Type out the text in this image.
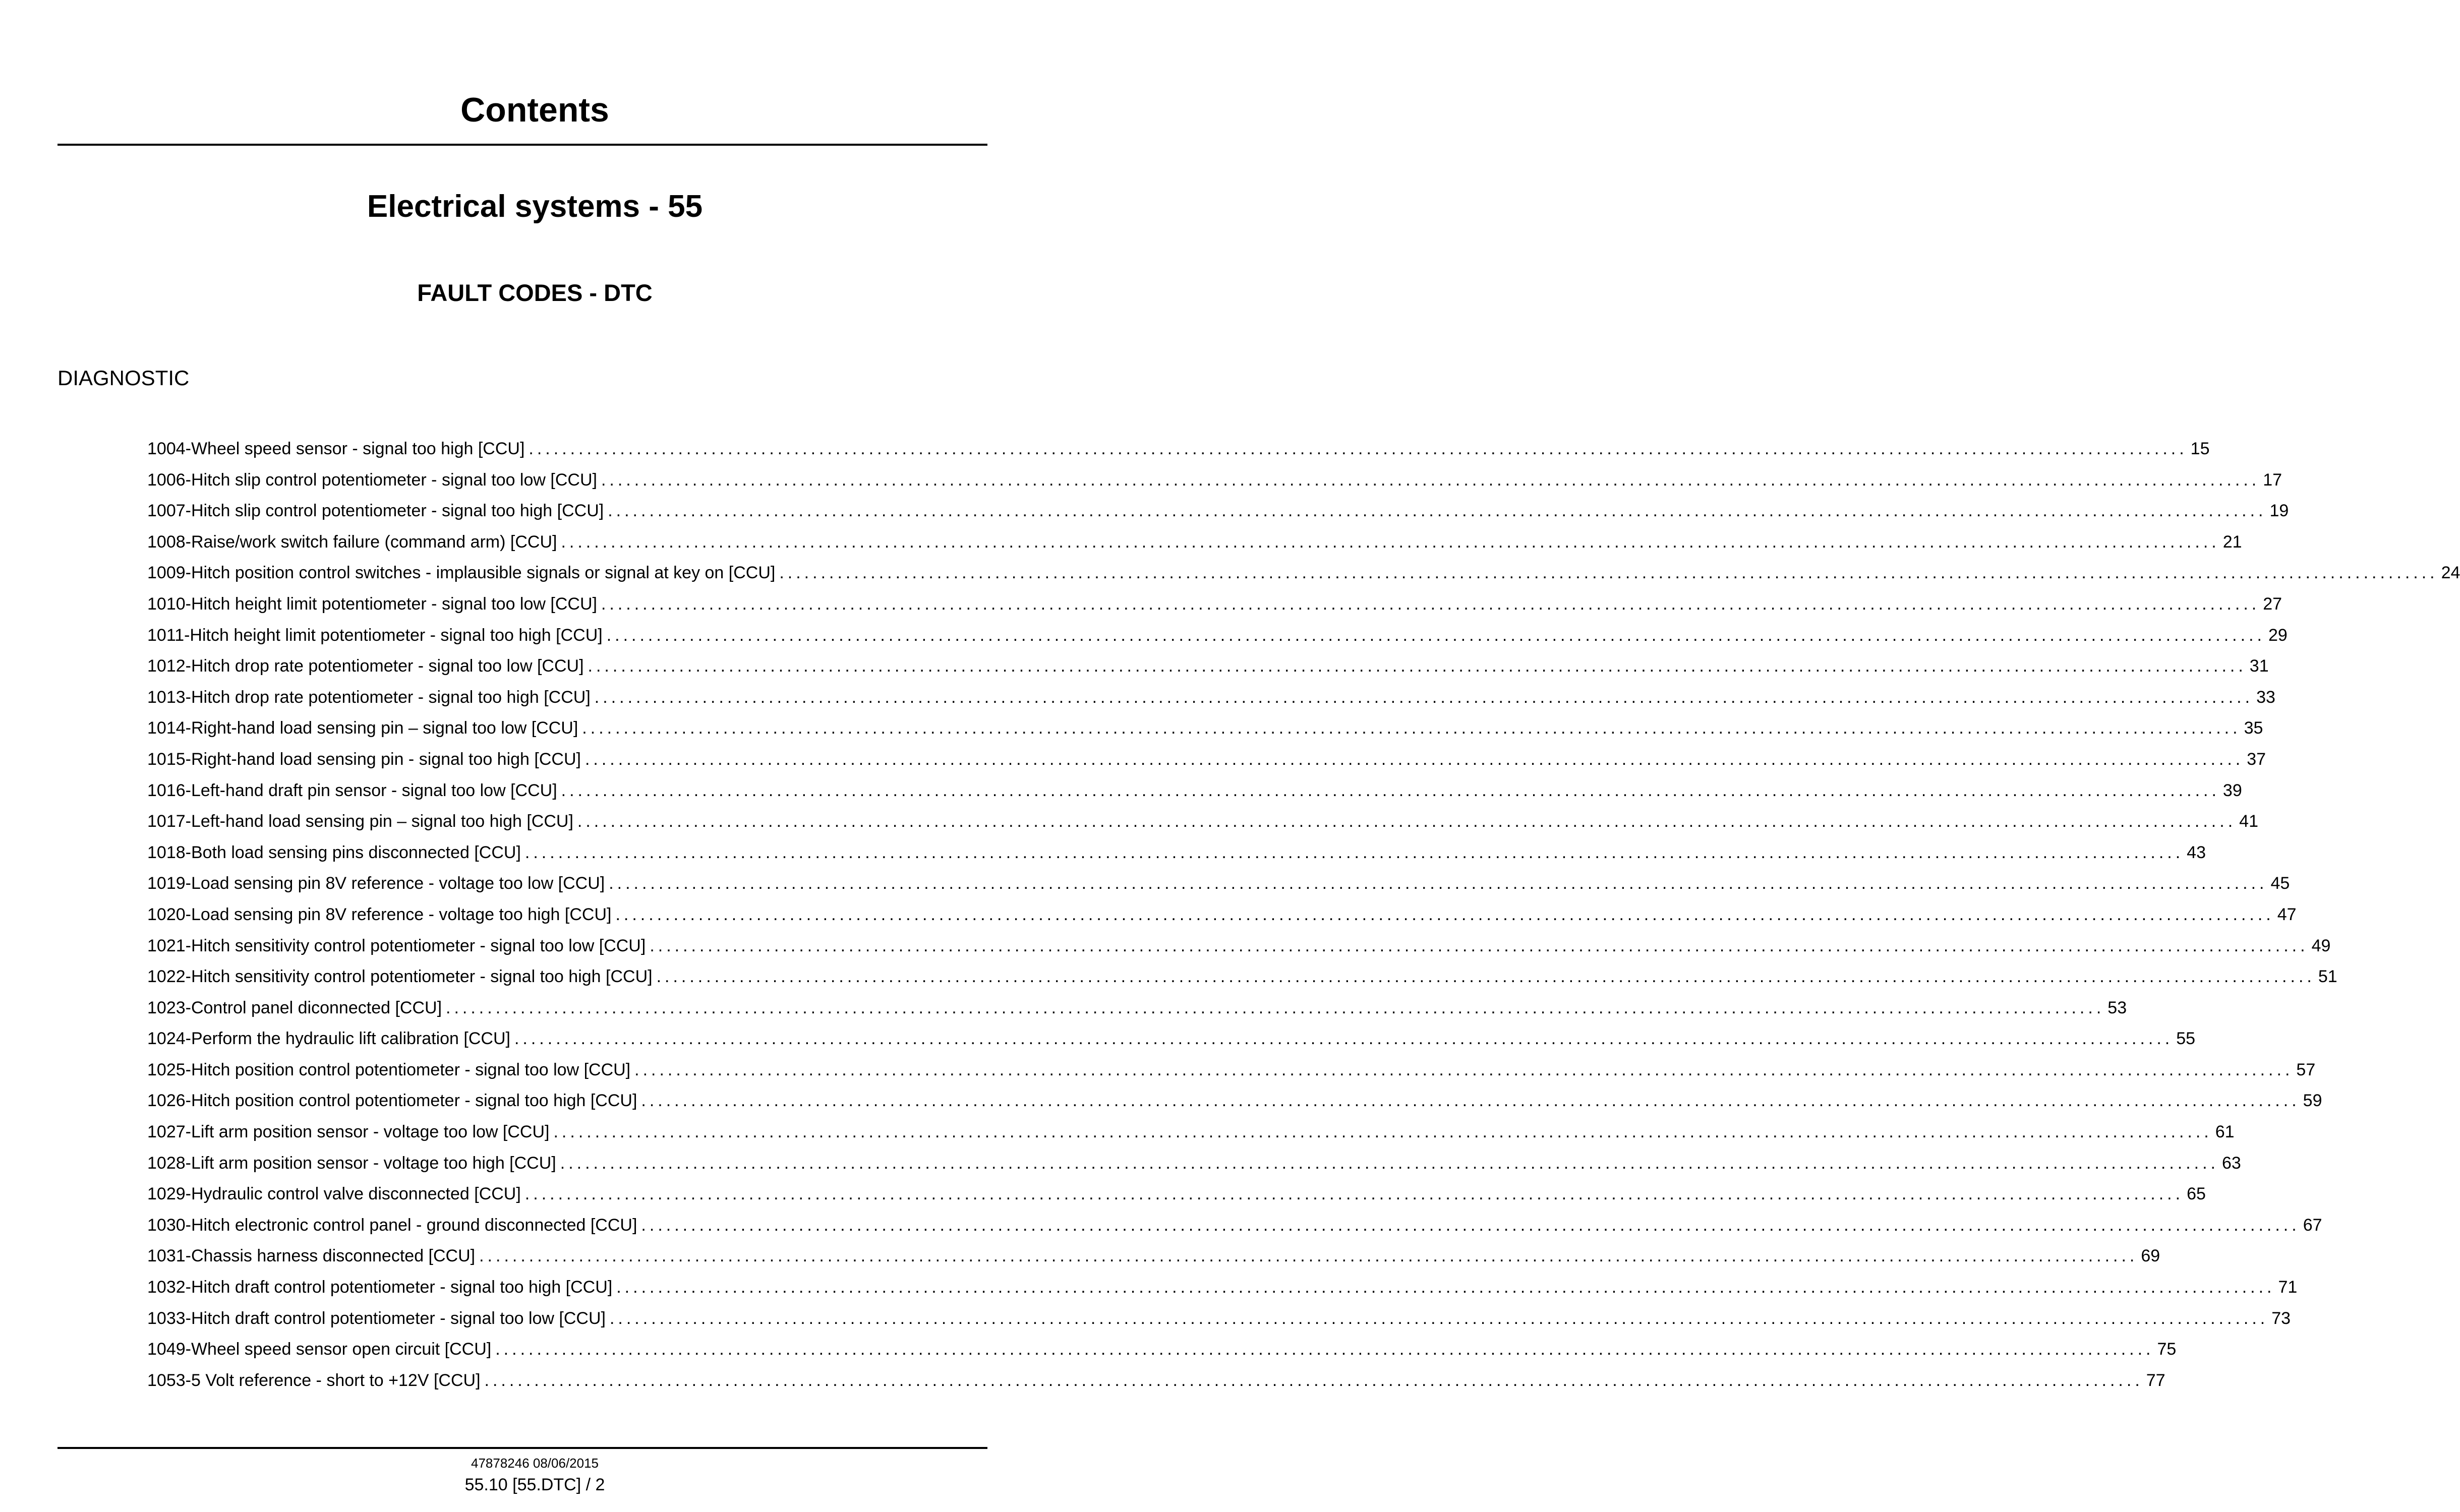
Contents
Electrical systems - 55
FAULT CODES - DTC
DIAGNOSTIC
1004-Wheel speed sensor - signal too high [CCU] ........................................................................................................................................................................................................ 15
1006-Hitch slip control potentiometer - signal too low [CCU] ........................................................................................................................................................................................................ 17
1007-Hitch slip control potentiometer - signal too high [CCU] ........................................................................................................................................................................................................ 19
1008-Raise/work switch failure (command arm) [CCU] ........................................................................................................................................................................................................ 21
1009-Hitch position control switches - implausible signals or signal at key on [CCU] ........................................................................................................................................................................................................ 24
1010-Hitch height limit potentiometer - signal too low [CCU] ........................................................................................................................................................................................................ 27
1011-Hitch height limit potentiometer - signal too high [CCU] ........................................................................................................................................................................................................ 29
1012-Hitch drop rate potentiometer - signal too low [CCU] ........................................................................................................................................................................................................ 31
1013-Hitch drop rate potentiometer - signal too high [CCU] ........................................................................................................................................................................................................ 33
1014-Right-hand load sensing pin – signal too low [CCU] ........................................................................................................................................................................................................ 35
1015-Right-hand load sensing pin - signal too high [CCU] ........................................................................................................................................................................................................ 37
1016-Left-hand draft pin sensor - signal too low [CCU] ........................................................................................................................................................................................................ 39
1017-Left-hand load sensing pin – signal too high [CCU] ........................................................................................................................................................................................................ 41
1018-Both load sensing pins disconnected [CCU] ........................................................................................................................................................................................................ 43
1019-Load sensing pin 8V reference - voltage too low [CCU] ........................................................................................................................................................................................................ 45
1020-Load sensing pin 8V reference - voltage too high [CCU] ........................................................................................................................................................................................................ 47
1021-Hitch sensitivity control potentiometer - signal too low [CCU] ........................................................................................................................................................................................................ 49
1022-Hitch sensitivity control potentiometer - signal too high [CCU] ........................................................................................................................................................................................................ 51
1023-Control panel diconnected [CCU] ........................................................................................................................................................................................................ 53
1024-Perform the hydraulic lift calibration [CCU] ........................................................................................................................................................................................................ 55
1025-Hitch position control potentiometer - signal too low [CCU] ........................................................................................................................................................................................................ 57
1026-Hitch position control potentiometer - signal too high [CCU] ........................................................................................................................................................................................................ 59
1027-Lift arm position sensor - voltage too low [CCU] ........................................................................................................................................................................................................ 61
1028-Lift arm position sensor - voltage too high [CCU] ........................................................................................................................................................................................................ 63
1029-Hydraulic control valve disconnected [CCU] ........................................................................................................................................................................................................ 65
1030-Hitch electronic control panel - ground disconnected [CCU] ........................................................................................................................................................................................................ 67
1031-Chassis harness disconnected [CCU] ........................................................................................................................................................................................................ 69
1032-Hitch draft control potentiometer - signal too high [CCU] ........................................................................................................................................................................................................ 71
1033-Hitch draft control potentiometer - signal too low [CCU] ........................................................................................................................................................................................................ 73
1049-Wheel speed sensor open circuit [CCU] ........................................................................................................................................................................................................ 75
1053-5 Volt reference - short to +12V [CCU] ........................................................................................................................................................................................................ 77
47878246 08/06/2015
55.10 [55.DTC] / 2
